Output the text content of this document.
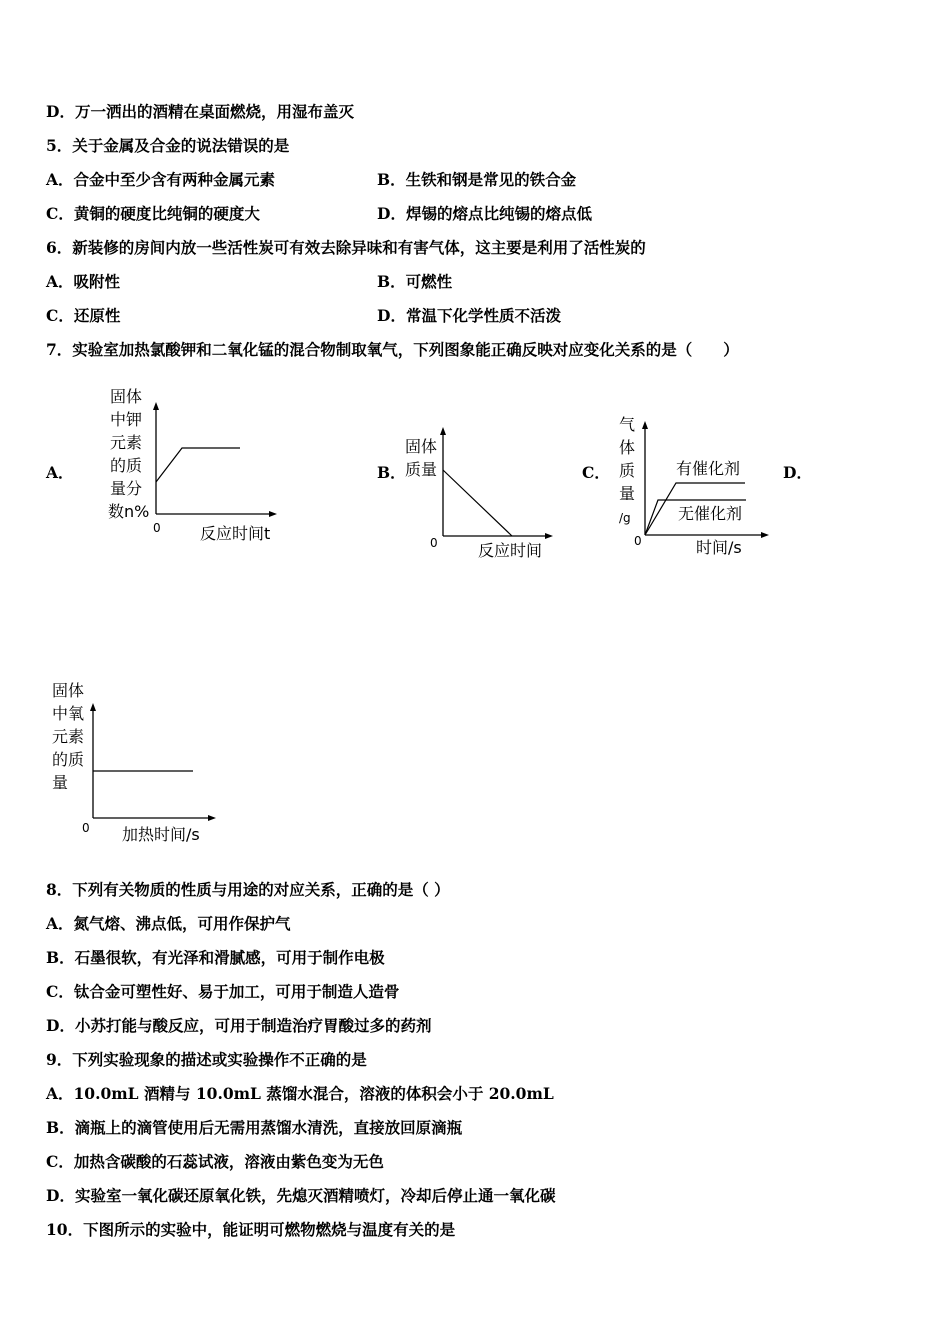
D．万一洒出的酒精在桌面燃烧，用湿布盖灭
5．关于金属及合金的说法错误的是
A．合金中至少含有两种金属元素	B．生铁和钢是常见的铁合金
C．黄铜的硬度比纯铜的硬度大	D．焊锡的熔点比纯锡的熔点低
6．新装修的房间内放一些活性炭可有效去除异味和有害气体，这主要是利用了活性炭的
A．吸附性	B．可燃性
C．还原性	D．常温下化学性质不活泼
7．实验室加热氯酸钾和二氧化锰的混合物制取氧气，下列图象能正确反映对应变化关系的是（　　）
A．	B．	C．	D．
固体
中钾
元素
的质
量分
数n%
0 反应时间t
固体
质量
0	反应时间
气
体
质
量
/g
0
有催化剂
无催化剂
时间/s
固体
中氧
元素
的质
量
0 加热时间/s
8．下列有关物质的性质与用途的对应关系，正确的是（ ）
A．氮气熔、沸点低，可用作保护气
B．石墨很软，有光泽和滑腻感，可用于制作电极
C．钛合金可塑性好、易于加工，可用于制造人造骨
D．小苏打能与酸反应，可用于制造治疗胃酸过多的药剂
9．下列实验现象的描述或实验操作不正确的是
A．10.0mL 酒精与 10.0mL 蒸馏水混合，溶液的体积会小于 20.0mL
B．滴瓶上的滴管使用后无需用蒸馏水清洗，直接放回原滴瓶
C．加热含碳酸的石蕊试液，溶液由紫色变为无色
D．实验室一氧化碳还原氧化铁，先熄灭酒精喷灯，冷却后停止通一氧化碳
10．下图所示的实验中，能证明可燃物燃烧与温度有关的是
